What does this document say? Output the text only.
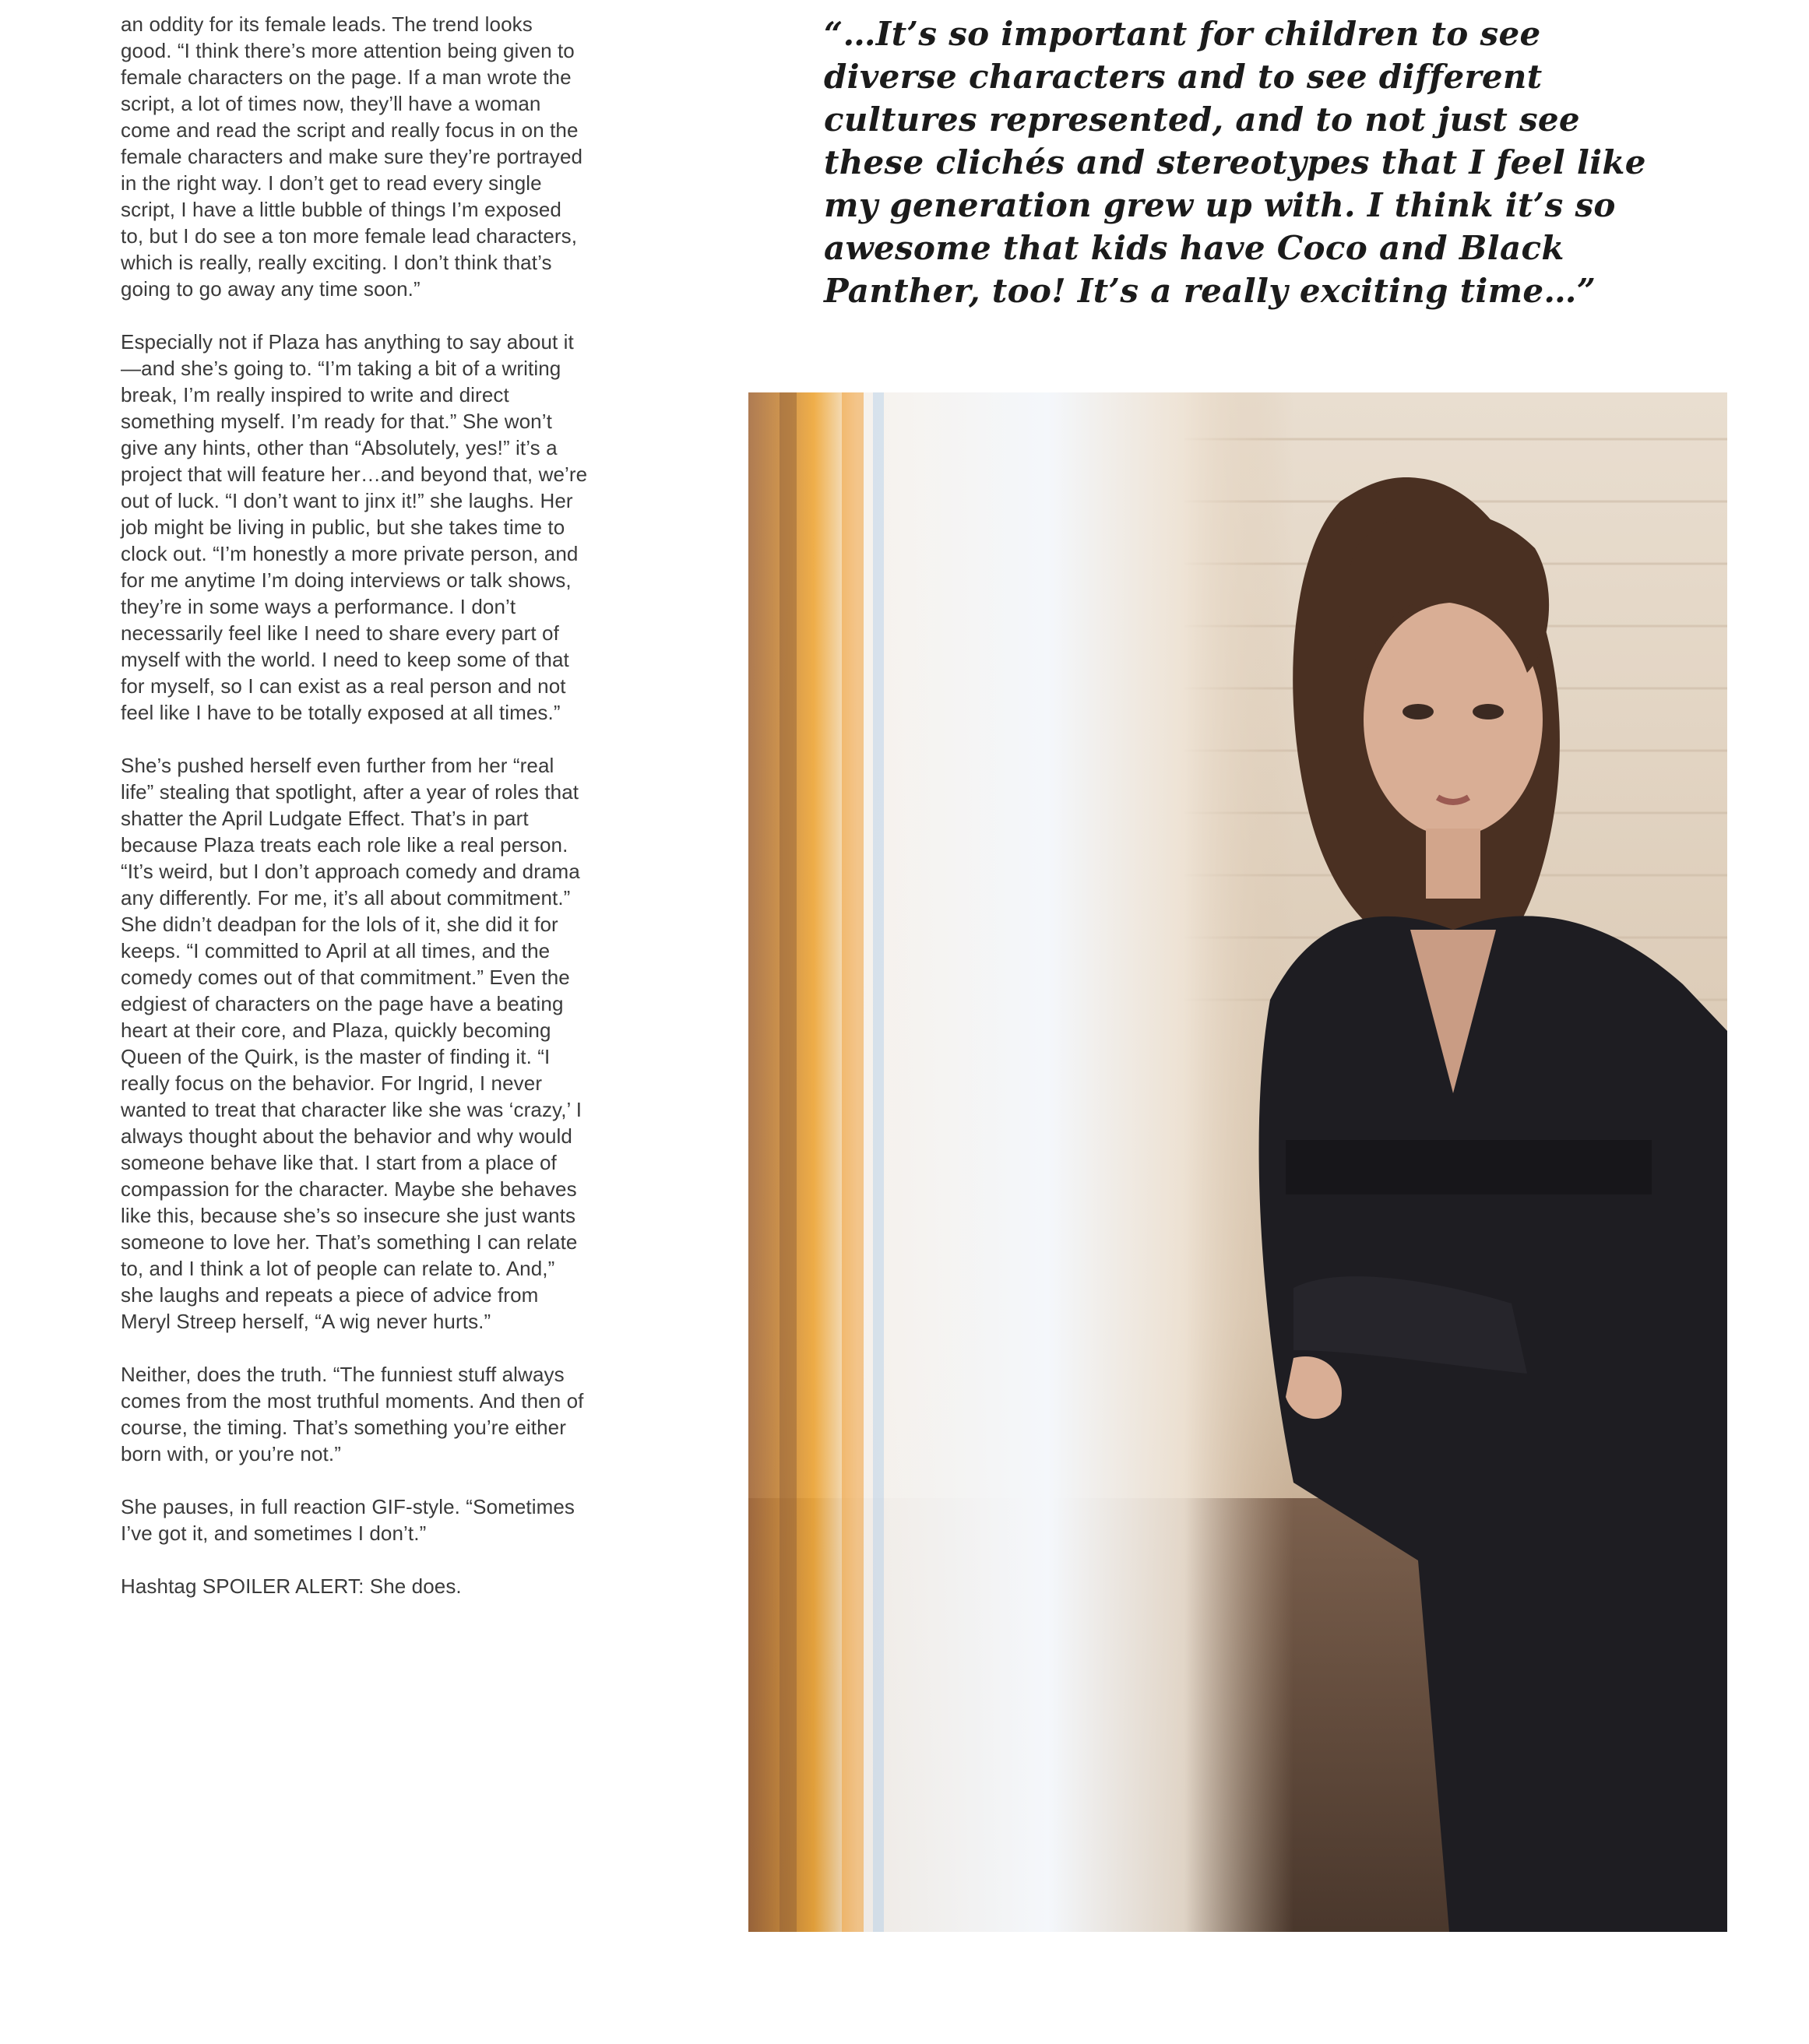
an oddity for its female leads. The trend looks good. “I think there’s more attention being given to female characters on the page. If a man wrote the script, a lot of times now, they’ll have a woman come and read the script and really focus in on the female characters and make sure they’re portrayed in the right way. I don’t get to read every single script, I have a little bubble of things I’m exposed to, but I do see a ton more female lead characters, which is really, really exciting. I don’t think that’s going to go away any time soon.”

Especially not if Plaza has anything to say about it—and she’s going to. “I’m taking a bit of a writing break, I’m really inspired to write and direct something myself. I’m ready for that.” She won’t give any hints, other than “Absolutely, yes!” it’s a project that will feature her…and beyond that, we’re out of luck. “I don’t want to jinx it!” she laughs. Her job might be living in public, but she takes time to clock out. “I’m honestly a more private person, and for me anytime I’m doing interviews or talk shows, they’re in some ways a performance. I don’t necessarily feel like I need to share every part of myself with the world. I need to keep some of that for myself, so I can exist as a real person and not feel like I have to be totally exposed at all times.”

She’s pushed herself even further from her “real life” stealing that spotlight, after a year of roles that shatter the April Ludgate Effect. That’s in part because Plaza treats each role like a real person. “It’s weird, but I don’t approach comedy and drama any differently. For me, it’s all about commitment.” She didn’t deadpan for the lols of it, she did it for keeps. “I committed to April at all times, and the comedy comes out of that commitment.” Even the edgiest of characters on the page have a beating heart at their core, and Plaza, quickly becoming Queen of the Quirk, is the master of finding it. “I really focus on the behavior. For Ingrid, I never wanted to treat that character like she was ‘crazy,’ I always thought about the behavior and why would someone behave like that. I start from a place of compassion for the character. Maybe she behaves like this, because she’s so insecure she just wants someone to love her. That’s something I can relate to, and I think a lot of people can relate to. And,” she laughs and repeats a piece of advice from Meryl Streep herself, “A wig never hurts.”

Neither, does the truth. “The funniest stuff always comes from the most truthful moments. And then of course, the timing. That’s something you’re either born with, or you’re not.”

She pauses, in full reaction GIF-style. “Sometimes I’ve got it, and sometimes I don’t.”

Hashtag SPOILER ALERT: She does.

“…It’s so important for children to see diverse characters and to see different cultures represented, and to not just see these clichés and stereotypes that I feel like my generation grew up with. I think it’s so awesome that kids have Coco and Black Panther, too! It’s a really exciting time…”
